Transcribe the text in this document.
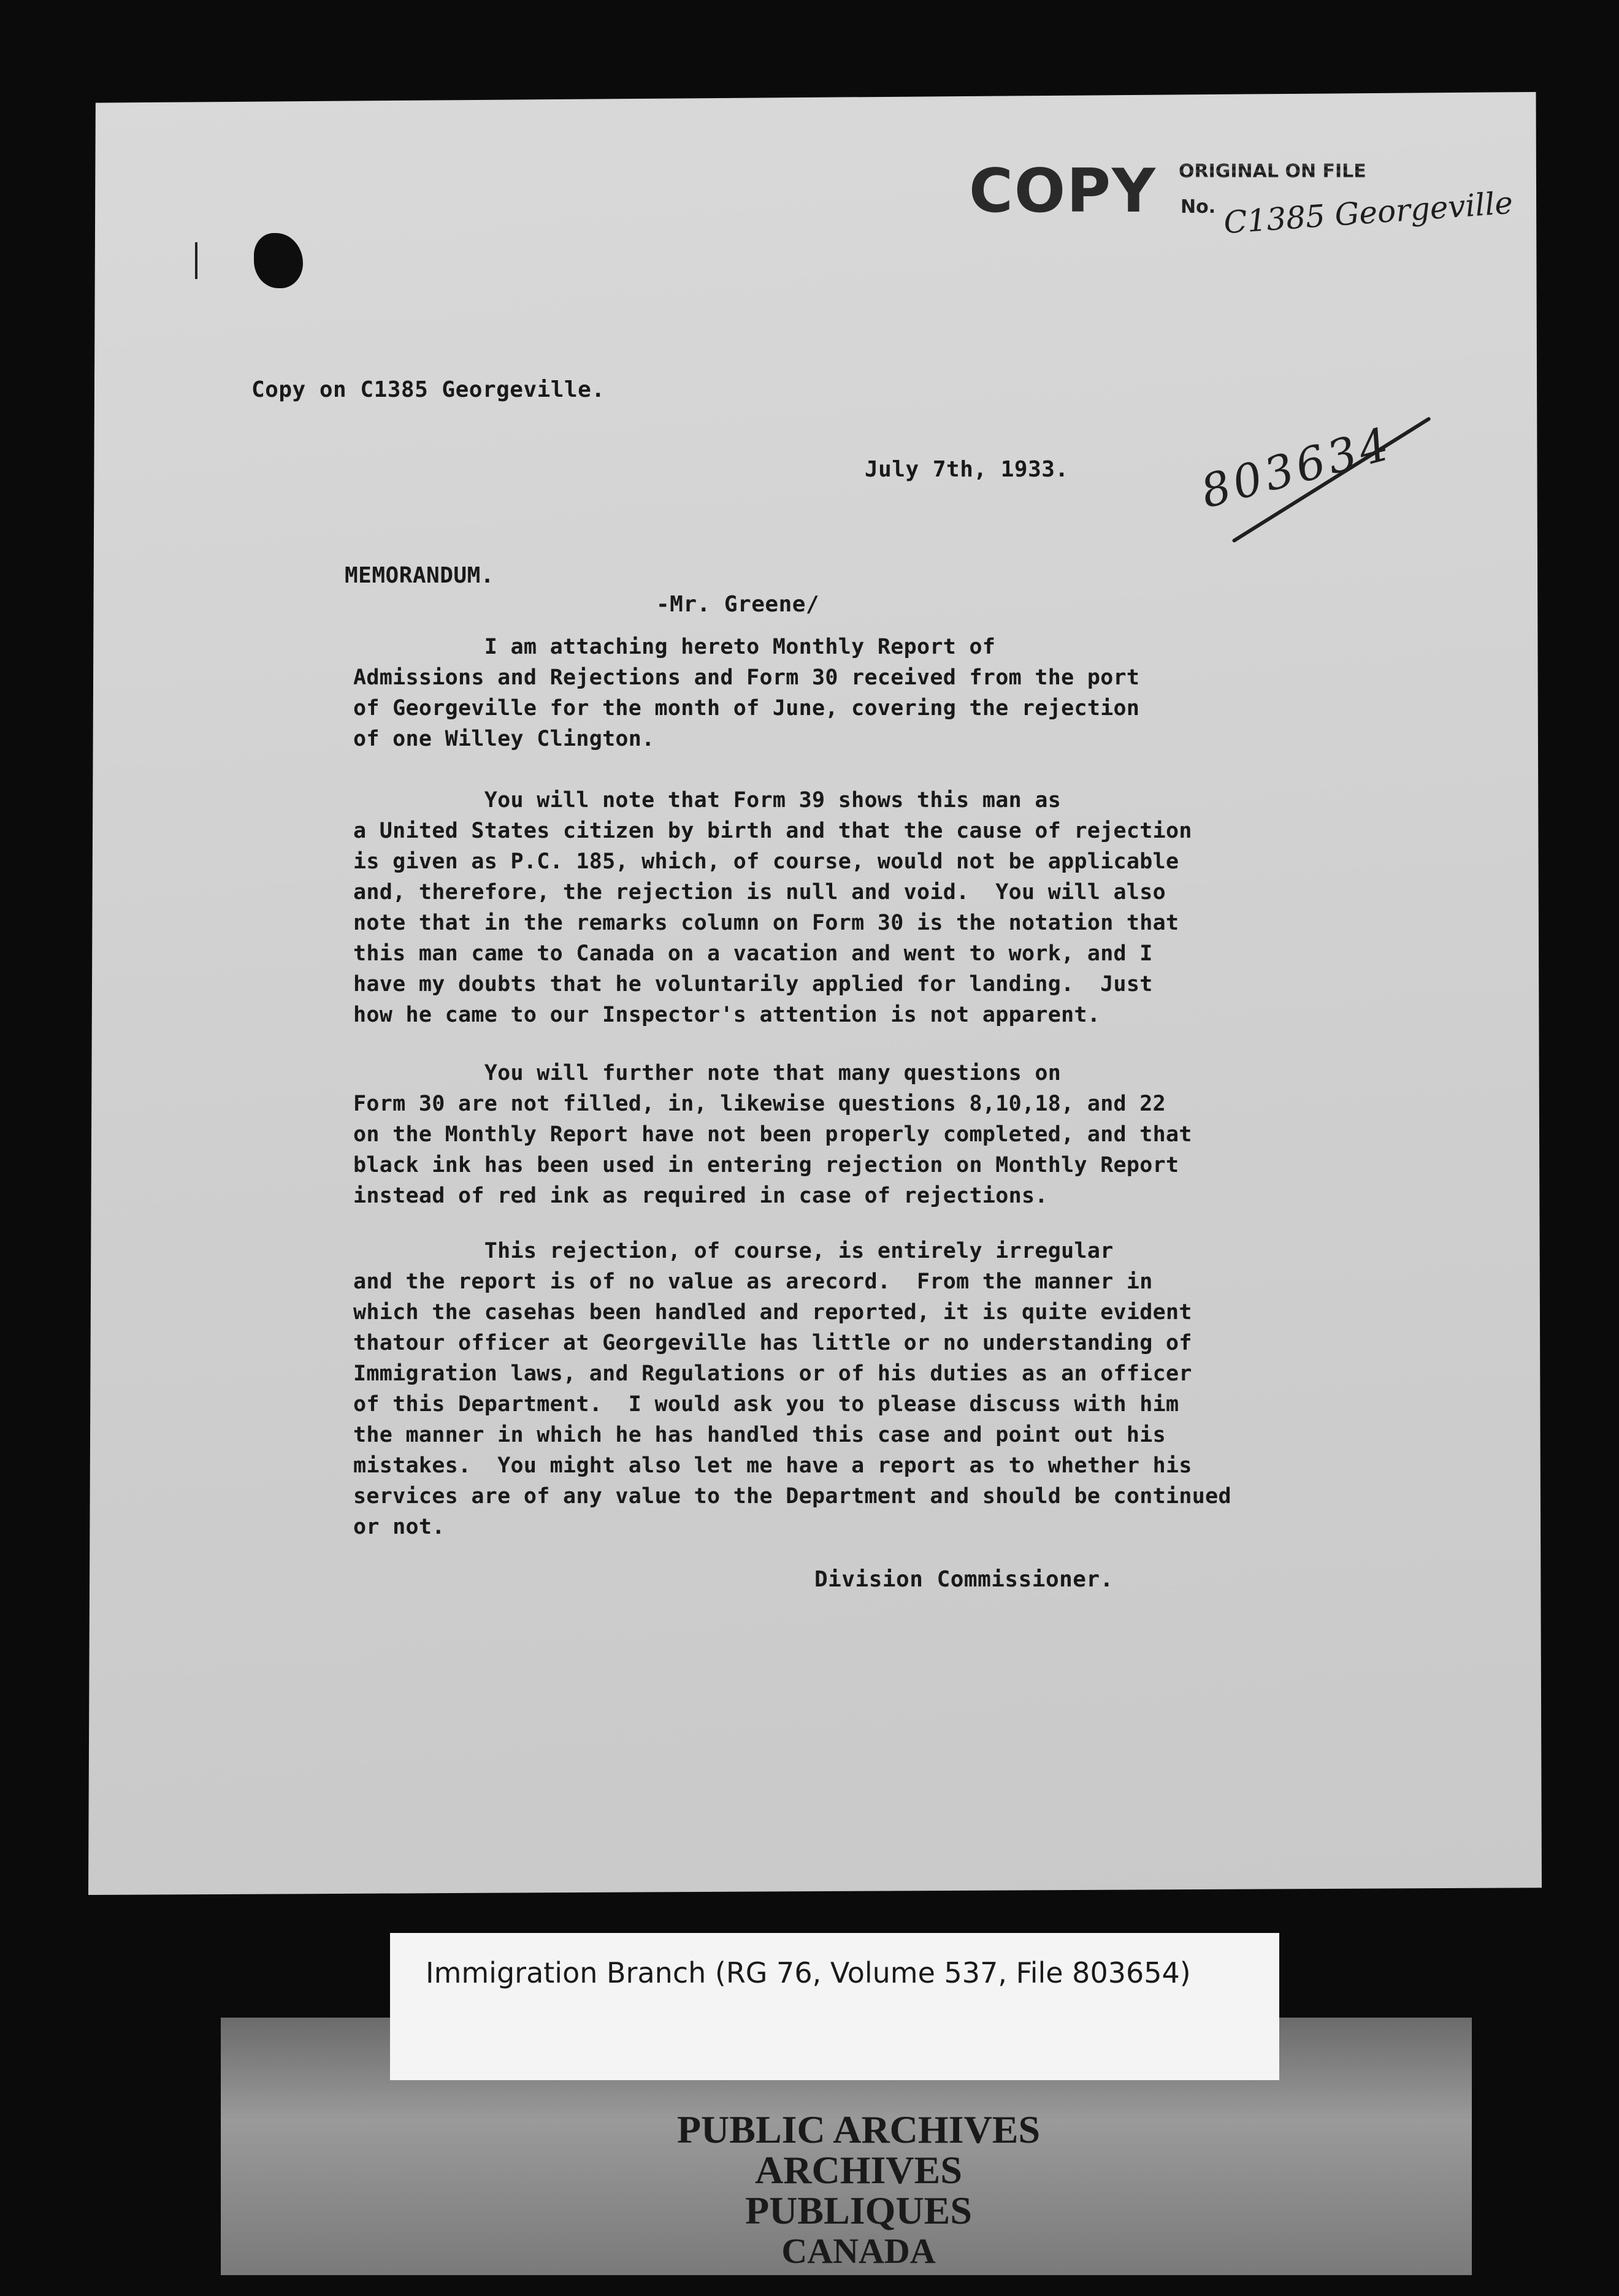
COPY ORIGINAL ON FILE
No. C1385 Georgeville
803634
Copy on C1385 Georgeville.
July 7th, 1933.
MEMORANDUM.
-Mr. Greene/
I am attaching hereto Monthly Report of
Admissions and Rejections and Form 30 received from the port
of Georgeville for the month of June, covering the rejection
of one Willey Clington.
You will note that Form 39 shows this man as
a United States citizen by birth and that the cause of rejection
is given as P.C. 185, which, of course, would not be applicable
and, therefore, the rejection is null and void.  You will also
note that in the remarks column on Form 30 is the notation that
this man came to Canada on a vacation and went to work, and I
have my doubts that he voluntarily applied for landing.  Just
how he came to our Inspector's attention is not apparent.
You will further note that many questions on
Form 30 are not filled, in, likewise questions 8,10,18, and 22
on the Monthly Report have not been properly completed, and that
black ink has been used in entering rejection on Monthly Report
instead of red ink as required in case of rejections.
This rejection, of course, is entirely irregular
and the report is of no value as arecord.  From the manner in
which the casehas been handled and reported, it is quite evident
thatour officer at Georgeville has little or no understanding of
Immigration laws, and Regulations or of his duties as an officer
of this Department.  I would ask you to please discuss with him
the manner in which he has handled this case and point out his
mistakes.  You might also let me have a report as to whether his
services are of any value to the Department and should be continued
or not.
Division Commissioner.
Immigration Branch (RG 76, Volume 537, File 803654)
PUBLIC ARCHIVES
ARCHIVES PUBLIQUES
CANADA
